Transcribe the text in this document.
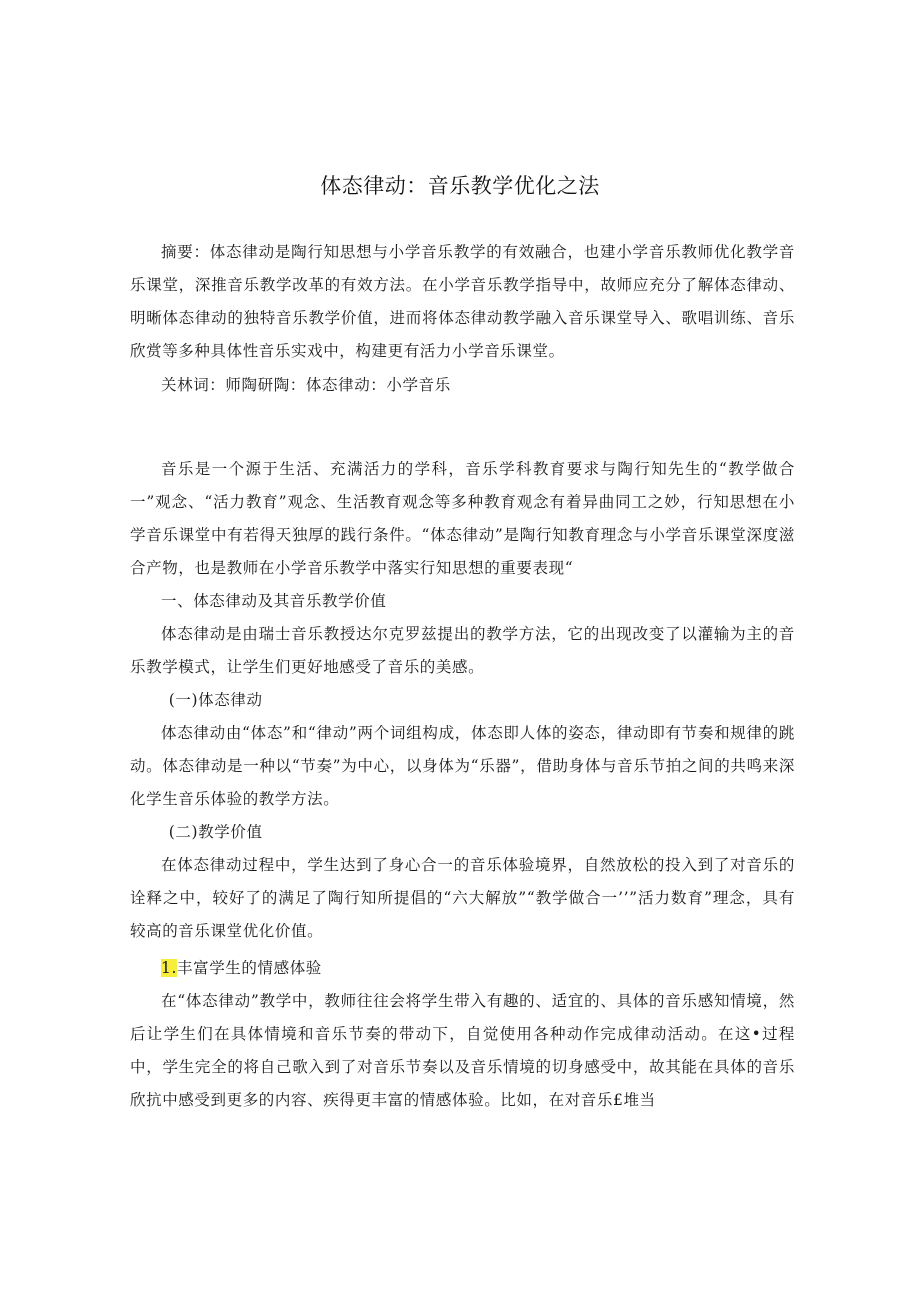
体态律动：音乐教学优化之法

摘要：体态律动是陶行知思想与小学音乐教学的有效融合，也建小学音乐教师优化教学音乐课堂，深推音乐教学改革的有效方法。在小学音乐教学指导中，故师应充分了解体态律动、明晰体态律动的独特音乐教学价值，进而将体态律动教学融入音乐课堂导入、歌唱训练、音乐欣赏等多种具体性音乐实戏中，构建更有活力小学音乐课堂。

关林词：师陶研陶：体态律动：小学音乐

音乐是一个源于生活、充满活力的学科，音乐学科教育要求与陶行知先生的“教学做合一”观念、“活力教育”观念、生活教育观念等多种教育观念有着异曲同工之妙，行知思想在小学音乐课堂中有若得天独厚的践行条件。“体态律动”是陶行知教育理念与小学音乐课堂深度滋合产物，也是教师在小学音乐教学中落实行知思想的重要表现“

一、体态律动及其音乐教学价值

体态律动是由瑞士音乐教授达尔克罗兹提出的教学方法，它的出现改变了以灌输为主的音乐教学模式，让学生们更好地感受了音乐的美感。

(一)体态律动

体态律动由“体态”和“律动”两个词组构成，体态即人体的姿态，律动即有节奏和规律的跳动。体态律动是一种以“节奏”为中心，以身体为“乐器”，借助身体与音乐节拍之间的共鸣来深化学生音乐体验的教学方法。

(二)教学价值

在体态律动过程中，学生达到了身心合一的音乐体验境界，自然放松的投入到了对音乐的诠释之中，较好了的满足了陶行知所提倡的“六大解放”“教学做合一’’”活力数育”理念，具有较高的音乐课堂优化价值。

1.丰富学生的情感体验

在“体态律动”教学中，教师往往会将学生带入有趣的、适宜的、具体的音乐感知情境，然后让学生们在具体情境和音乐节奏的带动下，自觉使用各种动作完成律动活动。在这•过程中，学生完全的将自己歌入到了对音乐节奏以及音乐情境的切身感受中，故其能在具体的音乐欣抗中感受到更多的内容、疾得更丰富的情感体验。比如，在对音乐£堆当
